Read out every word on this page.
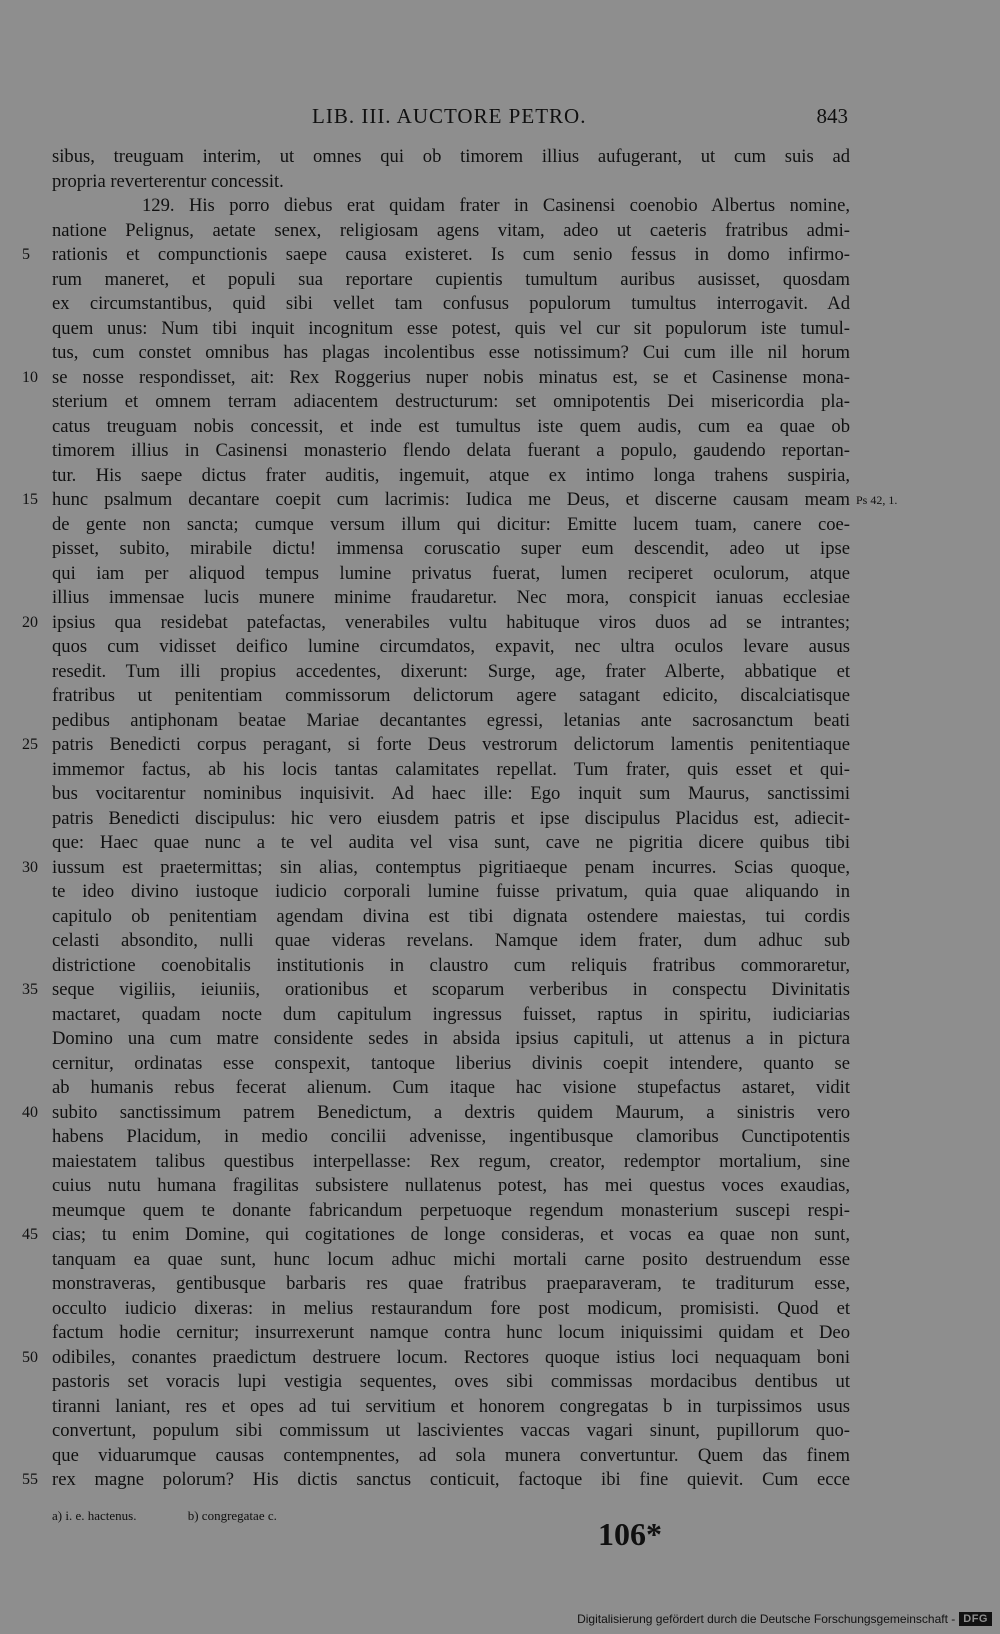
LIB. III. AUCTORE PETRO.	843
sibus, treuguam interim, ut omnes qui ob timorem illius aufugerant, ut cum suis ad
propria reverterentur concessit.
129. His porro diebus erat quidam frater in Casinensi coenobio Albertus nomine,
natione Pelignus, aetate senex, religiosam agens vitam, adeo ut caeteris fratribus admi-
5	rationis et compunctionis saepe causa existeret. Is cum senio fessus in domo infirmo-
rum maneret, et populi sua reportare cupientis tumultum auribus ausisset, quosdam
ex circumstantibus, quid sibi vellet tam confusus populorum tumultus interrogavit. Ad
quem unus: Num tibi inquit incognitum esse potest, quis vel cur sit populorum iste tumul-
tus, cum constet omnibus has plagas incolentibus esse notissimum? Cui cum ille nil horum
10 se nosse respondisset, ait: Rex Roggerius nuper nobis minatus est, se et Casinense mona-
sterium et omnem terram adiacentem destructurum: set omnipotentis Dei misericordia pla-
catus treuguam nobis concessit, et inde est tumultus iste quem audis, cum ea quae ob
timorem illius in Casinensi monasterio flendo delata fuerant a populo, gaudendo reportan-
tur. His saepe dictus frater auditis, ingemuit, atque ex intimo longa trahens suspiria,
15 hunc psalmum decantare coepit cum lacrimis: Iudica me Deus, et discerne causam meam Ps 42, 1.
de gente non sancta; cumque versum illum qui dicitur: Emitte lucem tuam, canere coe-
pisset, subito, mirabile dictu! immensa coruscatio super eum descendit, adeo ut ipse
qui iam per aliquod tempus lumine privatus fuerat, lumen reciperet oculorum, atque
illius immensae lucis munere minime fraudaretur. Nec mora, conspicit ianuas ecclesiae
20 ipsius qua residebat patefactas, venerabiles vultu habituque viros duos ad se intrantes;
quos cum vidisset deifico lumine circumdatos, expavit, nec ultra oculos levare ausus
resedit. Tum illi propius accedentes, dixerunt: Surge, age, frater Alberte, abbatique et
fratribus ut penitentiam commissorum delictorum agere satagant edicito, discalciatisque
pedibus antiphonam beatae Mariae decantantes egressi, letanias ante sacrosanctum beati
25 patris Benedicti corpus peragant, si forte Deus vestrorum delictorum lamentis penitentiaque
immemor factus, ab his locis tantas calamitates repellat. Tum frater, quis esset et qui-
bus vocitarentur nominibus inquisivit. Ad haec ille: Ego inquit sum Maurus, sanctissimi
patris Benedicti discipulus: hic vero eiusdem patris et ipse discipulus Placidus est, adiecit-
que: Haec quae nunc a te vel audita vel visa sunt, cave ne pigritia dicere quibus tibi
30 iussum est praetermittas; sin alias, contemptus pigritiaeque penam incurres. Scias quoque,
te ideo divino iustoque iudicio corporali lumine fuisse privatum, quia quae aliquando in
capitulo ob penitentiam agendam divina est tibi dignata ostendere maiestas, tui cordis
celasti absondito, nulli quae videras revelans. Namque idem frater, dum adhuc sub
districtione coenobitalis institutionis in claustro cum reliquis fratribus commoraretur,
35 seque vigiliis, ieiuniis, orationibus et scoparum verberibus in conspectu Divinitatis
mactaret, quadam nocte dum capitulum ingressus fuisset, raptus in spiritu, iudiciarias
Domino una cum matre considente sedes in absida ipsius capituli, ut attenus a in pictura
cernitur, ordinatas esse conspexit, tantoque liberius divinis coepit intendere, quanto se
ab humanis rebus fecerat alienum. Cum itaque hac visione stupefactus astaret, vidit
40 subito sanctissimum patrem Benedictum, a dextris quidem Maurum, a sinistris vero
habens Placidum, in medio concilii advenisse, ingentibusque clamoribus Cunctipotentis
maiestatem talibus questibus interpellasse: Rex regum, creator, redemptor mortalium, sine
cuius nutu humana fragilitas subsistere nullatenus potest, has mei questus voces exaudias,
meumque quem te donante fabricandum perpetuoque regendum monasterium suscepi respi-
45 cias; tu enim Domine, qui cogitationes de longe consideras, et vocas ea quae non sunt,
tanquam ea quae sunt, hunc locum adhuc michi mortali carne posito destruendum esse
monstraveras, gentibusque barbaris res quae fratribus praeparaveram, te traditurum esse,
occulto iudicio dixeras: in melius restaurandum fore post modicum, promisisti. Quod et
factum hodie cernitur; insurrexerunt namque contra hunc locum iniquissimi quidam et Deo
50 odibiles, conantes praedictum destruere locum. Rectores quoque istius loci nequaquam boni
pastoris set voracis lupi vestigia sequentes, oves sibi commissas mordacibus dentibus ut
tiranni laniant, res et opes ad tui servitium et honorem congregatas b in turpissimos usus
convertunt, populum sibi commissum ut lascivientes vaccas vagari sinunt, pupillorum quo-
que viduarumque causas contempnentes, ad sola munera convertuntur. Quem das finem
55 rex magne polorum? His dictis sanctus conticuit, factoque ibi fine quievit. Cum ecce
a) i. e. hactenus.	b) congregatae c.
106*
Digitalisierung gefördert durch die Deutsche Forschungsgemeinschaft - DFG
